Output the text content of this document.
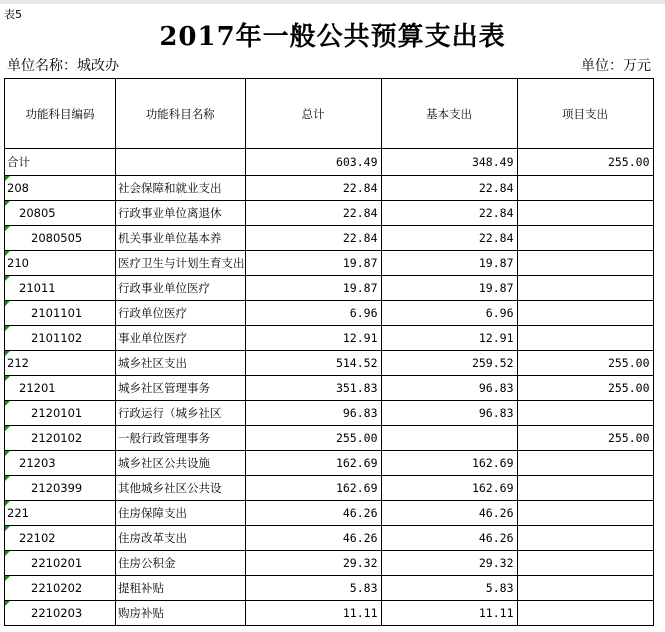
表5
2017年一般公共预算支出表
单位名称：城改办	单位：万元
功能科目编码	功能科目名称	总计	基本支出	项目支出
合计		603.49	348.49	255.00
208	社会保障和就业支出	22.84	22.84	
20805	行政事业单位离退休	22.84	22.84	
2080505	机关事业单位基本养	22.84	22.84	
210	医疗卫生与计划生育支出	19.87	19.87	
21011	行政事业单位医疗	19.87	19.87	
2101101	行政单位医疗	6.96	6.96	
2101102	事业单位医疗	12.91	12.91	
212	城乡社区支出	514.52	259.52	255.00
21201	城乡社区管理事务	351.83	96.83	255.00
2120101	行政运行（城乡社区	96.83	96.83	
2120102	一般行政管理事务	255.00		255.00
21203	城乡社区公共设施	162.69	162.69	
2120399	其他城乡社区公共设	162.69	162.69	
221	住房保障支出	46.26	46.26	
22102	住房改革支出	46.26	46.26	
2210201	住房公积金	29.32	29.32	
2210202	提租补贴	5.83	5.83	
2210203	购房补贴	11.11	11.11	
